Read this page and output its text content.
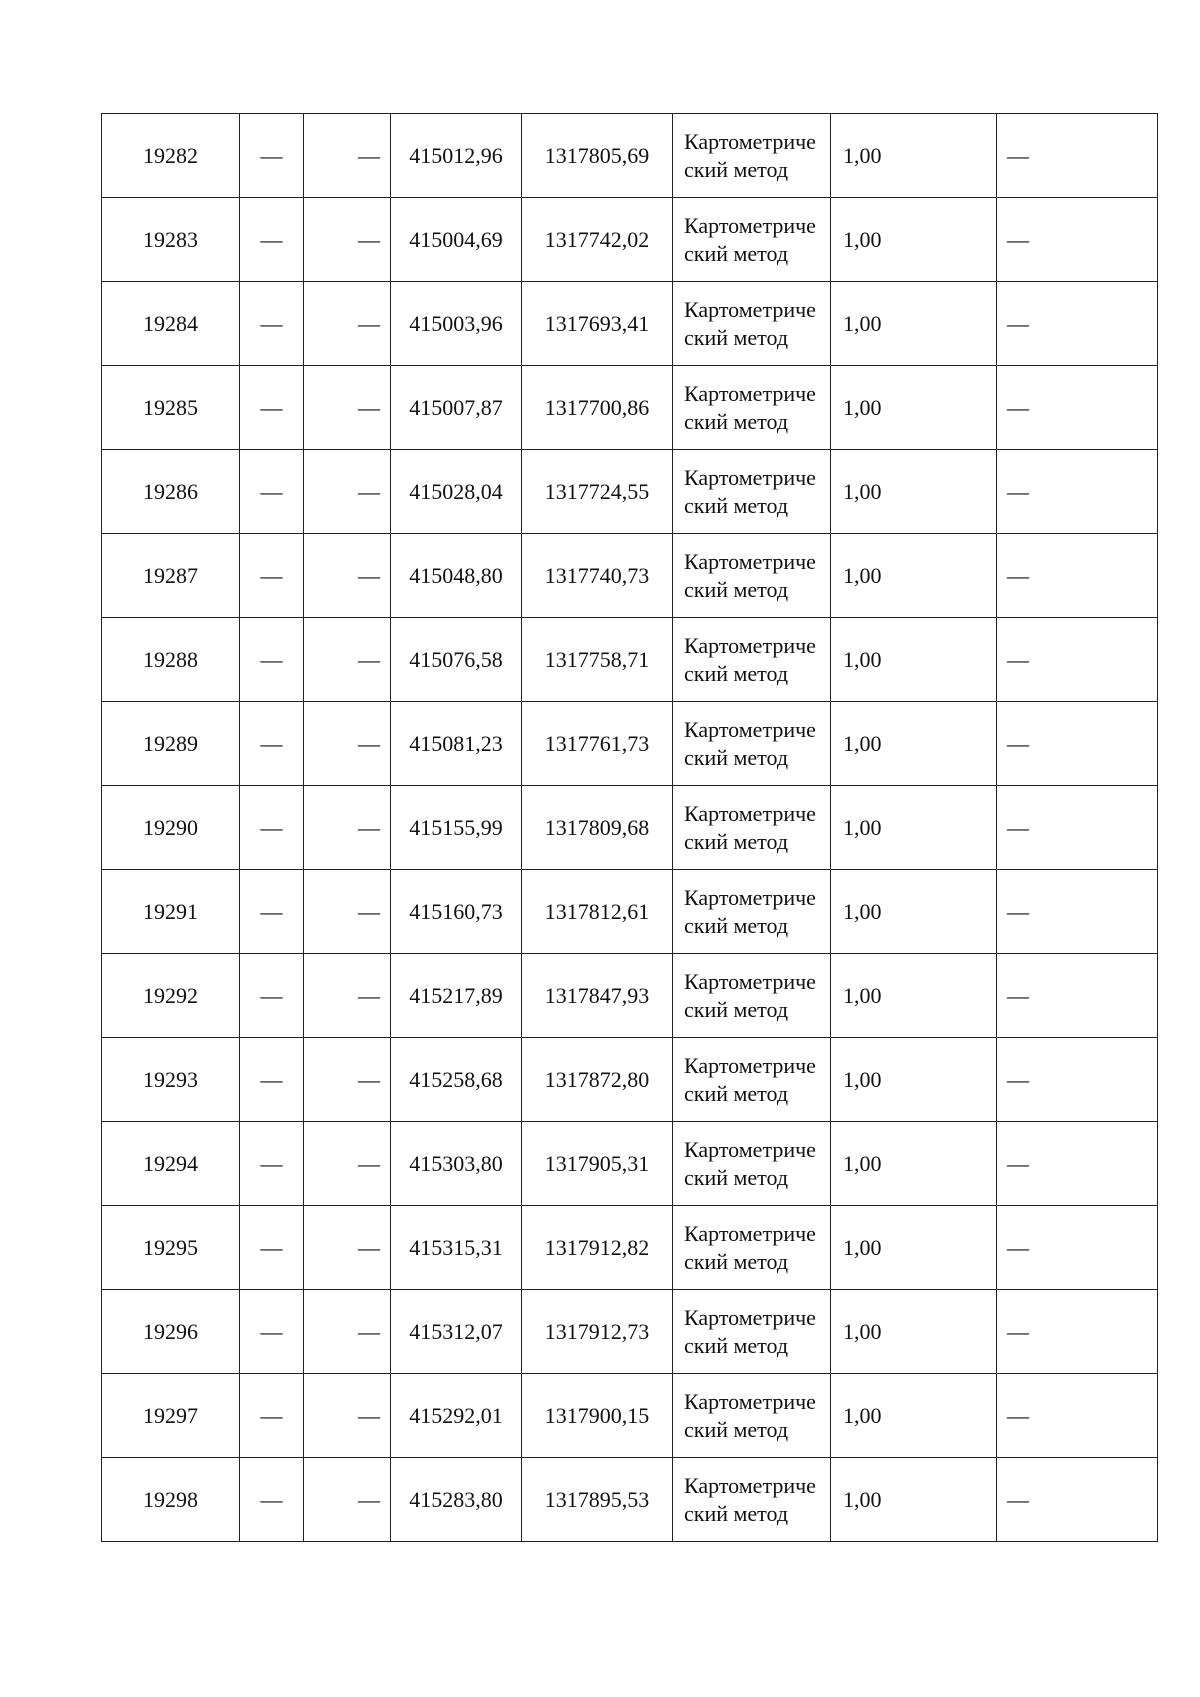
19282	—	—	415012,96	1317805,69	Картометрический метод	1,00	—
19283	—	—	415004,69	1317742,02	Картометрический метод	1,00	—
19284	—	—	415003,96	1317693,41	Картометрический метод	1,00	—
19285	—	—	415007,87	1317700,86	Картометрический метод	1,00	—
19286	—	—	415028,04	1317724,55	Картометрический метод	1,00	—
19287	—	—	415048,80	1317740,73	Картометрический метод	1,00	—
19288	—	—	415076,58	1317758,71	Картометрический метод	1,00	—
19289	—	—	415081,23	1317761,73	Картометрический метод	1,00	—
19290	—	—	415155,99	1317809,68	Картометрический метод	1,00	—
19291	—	—	415160,73	1317812,61	Картометрический метод	1,00	—
19292	—	—	415217,89	1317847,93	Картометрический метод	1,00	—
19293	—	—	415258,68	1317872,80	Картометрический метод	1,00	—
19294	—	—	415303,80	1317905,31	Картометрический метод	1,00	—
19295	—	—	415315,31	1317912,82	Картометрический метод	1,00	—
19296	—	—	415312,07	1317912,73	Картометрический метод	1,00	—
19297	—	—	415292,01	1317900,15	Картометрический метод	1,00	—
19298	—	—	415283,80	1317895,53	Картометрический метод	1,00	—
